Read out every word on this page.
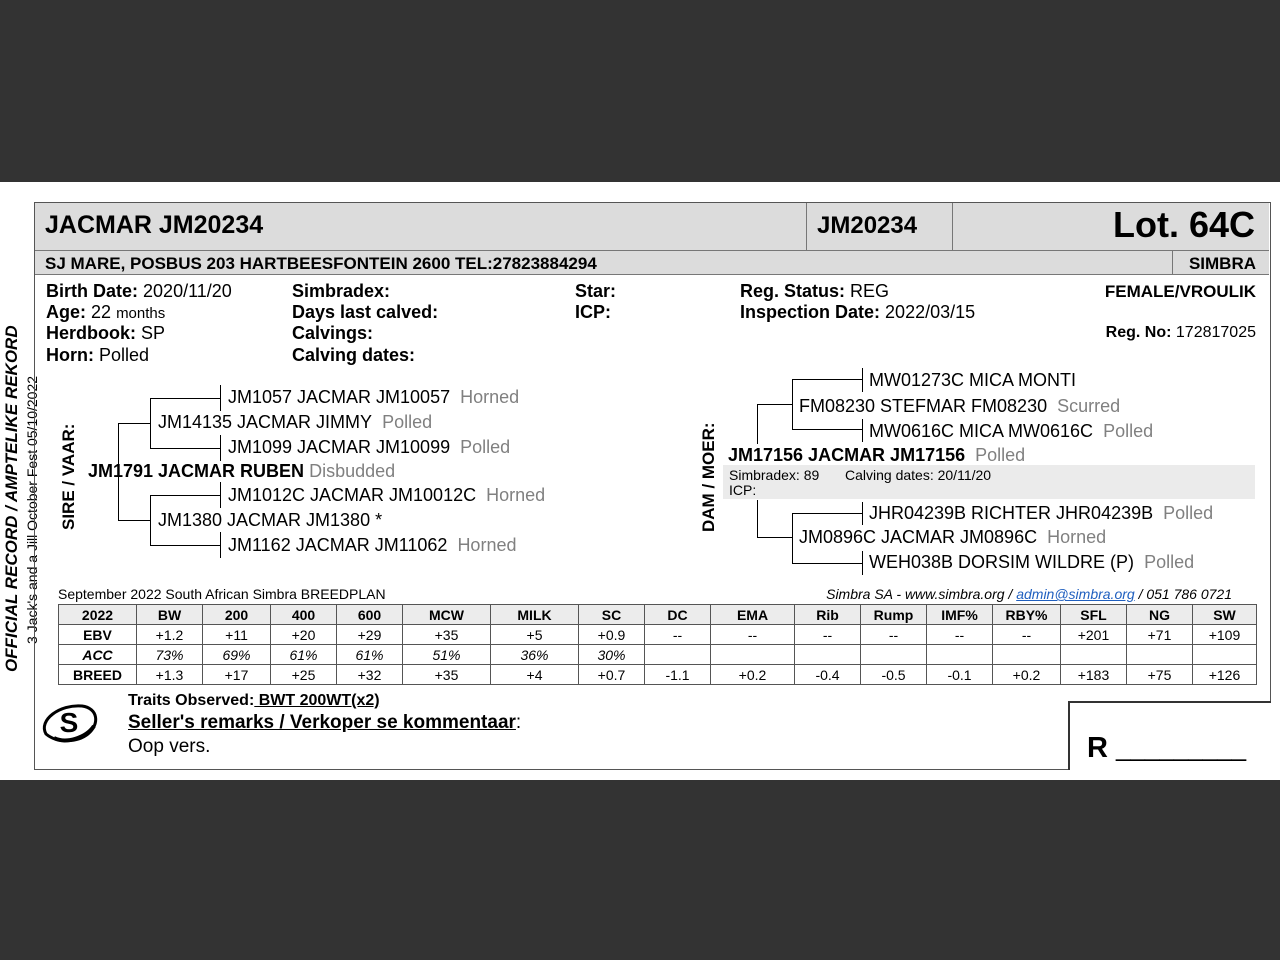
OFFICIAL RECORD / AMPTELIKE REKORD 3 Jack's and a Jill October Fest 05/10/2022
JACMAR JM20234	JM20234	Lot. 64C
SJ MARE, POSBUS 203 HARTBEESFONTEIN 2600 TEL:27823884294	SIMBRA
Birth Date: 2020/11/20
Age: 22 months
Herdbook: SP
Horn: Polled
Simbradex:
Days last calved:
Calvings:
Calving dates:
Star:
ICP:
Reg. Status: REG
Inspection Date: 2022/03/15
FEMALE/VROULIK
Reg. No: 172817025
SIRE / VAAR:
JM1057 JACMAR JM10057 Horned
JM14135 JACMAR JIMMY Polled
JM1099 JACMAR JM10099 Polled
JM1791 JACMAR RUBEN Disbudded
JM1012C JACMAR JM10012C Horned
JM1380 JACMAR JM1380 *
JM1162 JACMAR JM11062 Horned
DAM / MOER:
MW01273C MICA MONTI
FM08230 STEFMAR FM08230 Scurred
MW0616C MICA MW0616C Polled
JM17156 JACMAR JM17156 Polled
Simbradex: 89 Calving dates: 20/11/20
ICP:
JHR04239B RICHTER JHR04239B Polled
JM0896C JACMAR JM0896C Horned
WEH038B DORSIM WILDRE (P) Polled
September 2022 South African Simbra BREEDPLAN	Simbra SA - www.simbra.org / admin@simbra.org / 051 786 0721
2022	BW	200	400	600	MCW	MILK	SC	DC	EMA	Rib	Rump	IMF%	RBY%	SFL	NG	SW
EBV	+1.2	+11	+20	+29	+35	+5	+0.9	--	--	--	--	--	--	+201	+71	+109
ACC	73%	69%	61%	61%	51%	36%	30%									
BREED	+1.3	+17	+25	+32	+35	+4	+0.7	-1.1	+0.2	-0.4	-0.5	-0.1	+0.2	+183	+75	+126
Traits Observed: BWT 200WT(x2)
Seller's remarks / Verkoper se kommentaar:
Oop vers.
S
R _________
